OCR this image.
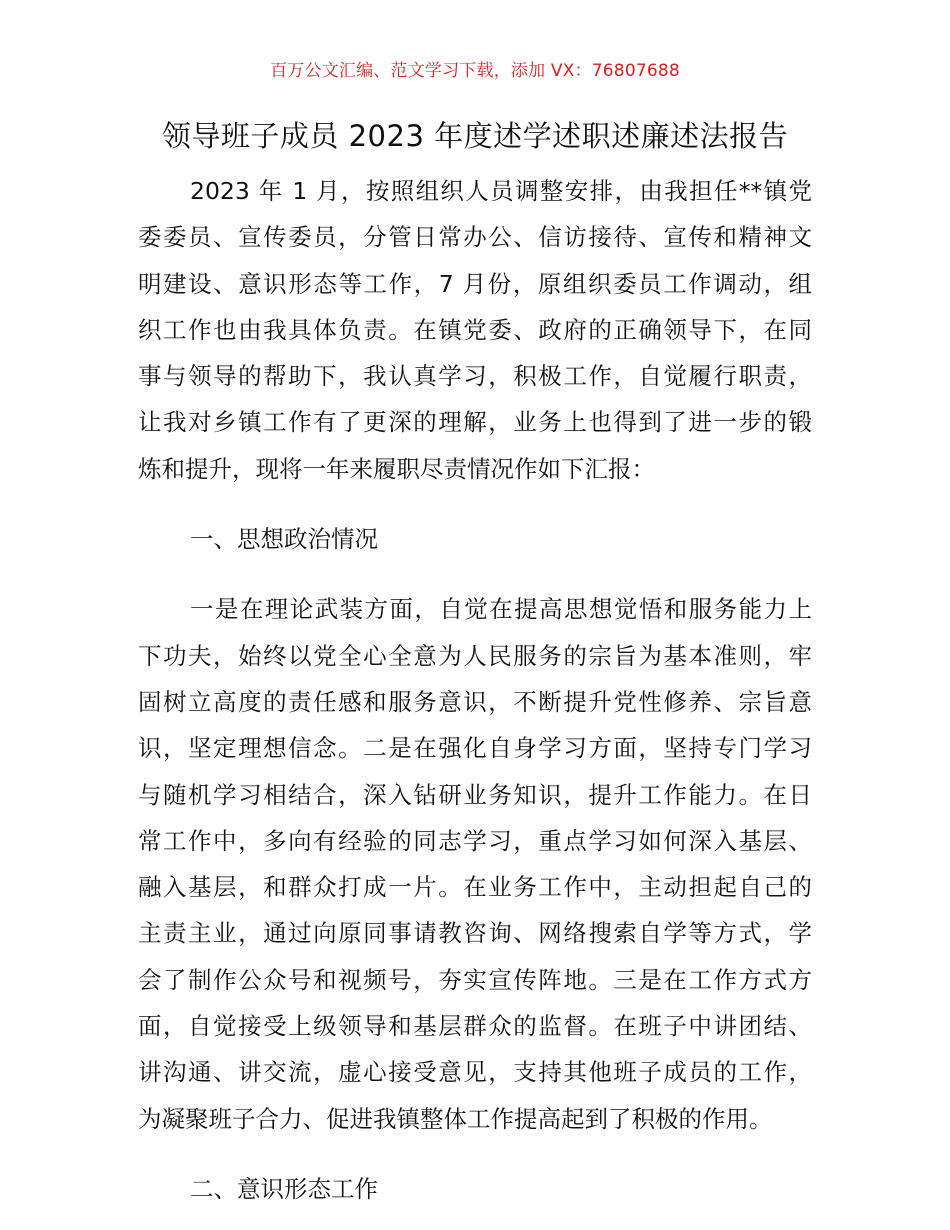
百万公文汇编、范文学习下载，添加 VX：76807688
领导班子成员 2023 年度述学述职述廉述法报告
2023 年 1 月，按照组织人员调整安排，由我担任**镇党
委委员、宣传委员，分管日常办公、信访接待、宣传和精神文
明建设、意识形态等工作，7 月份，原组织委员工作调动，组
织工作也由我具体负责。在镇党委、政府的正确领导下，在同
事与领导的帮助下，我认真学习，积极工作，自觉履行职责，
让我对乡镇工作有了更深的理解，业务上也得到了进一步的锻
炼和提升，现将一年来履职尽责情况作如下汇报：
一、思想政治情况
一是在理论武装方面，自觉在提高思想觉悟和服务能力上
下功夫，始终以党全心全意为人民服务的宗旨为基本准则，牢
固树立高度的责任感和服务意识，不断提升党性修养、宗旨意
识，坚定理想信念。二是在强化自身学习方面，坚持专门学习
与随机学习相结合，深入钻研业务知识，提升工作能力。在日
常工作中，多向有经验的同志学习，重点学习如何深入基层、
融入基层，和群众打成一片。在业务工作中，主动担起自己的
主责主业，通过向原同事请教咨询、网络搜索自学等方式，学
会了制作公众号和视频号，夯实宣传阵地。三是在工作方式方
面，自觉接受上级领导和基层群众的监督。在班子中讲团结、
讲沟通、讲交流，虚心接受意见，支持其他班子成员的工作，
为凝聚班子合力、促进我镇整体工作提高起到了积极的作用。
二、意识形态工作
